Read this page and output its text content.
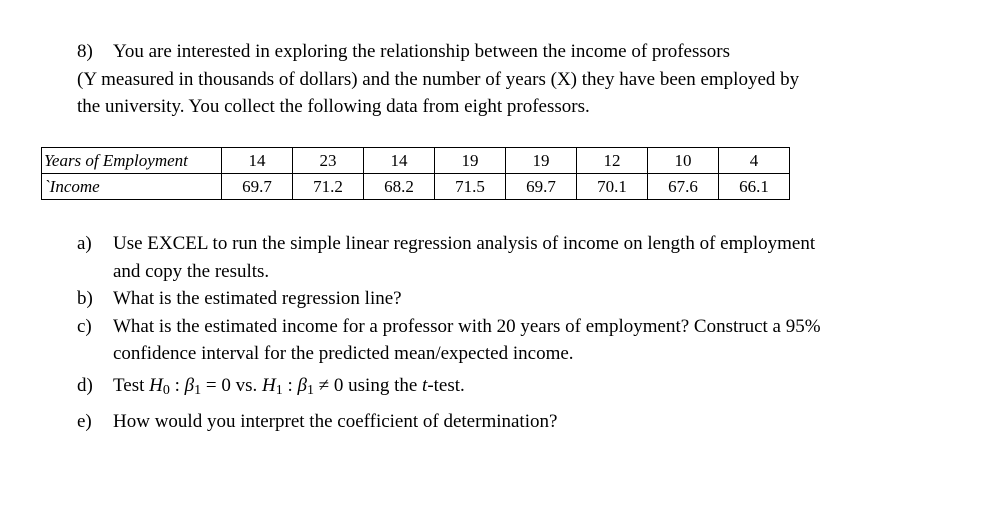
8) You are interested in exploring the relationship between the income of professors
(Y measured in thousands of dollars) and the number of years (X) they have been employed by
the university. You collect the following data from eight professors.
Years of Employment	14	23	14	19	19	12	10	4
`Income	69.7	71.2	68.2	71.5	69.7	70.1	67.6	66.1
a) Use EXCEL to run the simple linear regression analysis of income on length of employment
and copy the results.
b) What is the estimated regression line?
c) What is the estimated income for a professor with 20 years of employment? Construct a 95%
confidence interval for the predicted mean/expected income.
d) Test $H_0$ : $\beta_1 = 0$ vs. $H_1$ : $\beta_1 \ne 0$ using the t-test.
e) How would you interpret the coefficient of determination?
